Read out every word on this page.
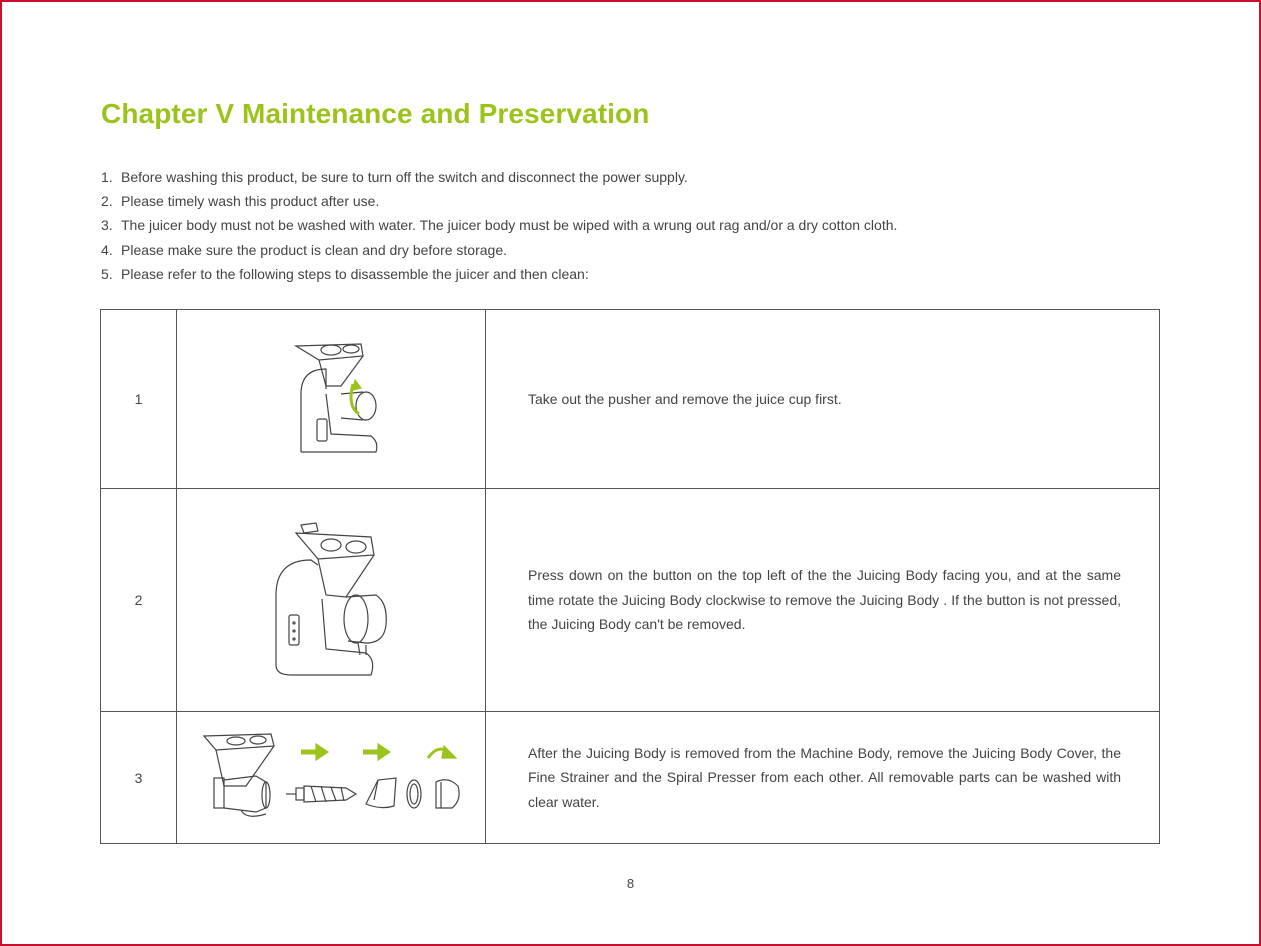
Chapter V Maintenance and Preservation
1. Before washing this product, be sure to turn off the switch and disconnect the power supply.
2. Please timely wash this product after use.
3. The juicer body must not be washed with water. The juicer body must be wiped with a wrung out rag and/or a dry cotton cloth.
4. Please make sure the product is clean and dry before storage.
5. Please refer to the following steps to disassemble the juicer and then clean:
1		Take out the pusher and remove the juice cup first.
2		Press down on the button on the top left of the the Juicing Body facing you, and at the same time rotate the Juicing Body clockwise to remove the Juicing Body . If the button is not pressed, the Juicing Body can't be removed.
3		After the Juicing Body is removed from the Machine Body, remove the Juicing Body Cover, the Fine Strainer and the Spiral Presser from each other. All removable parts can be washed with clear water.
8
